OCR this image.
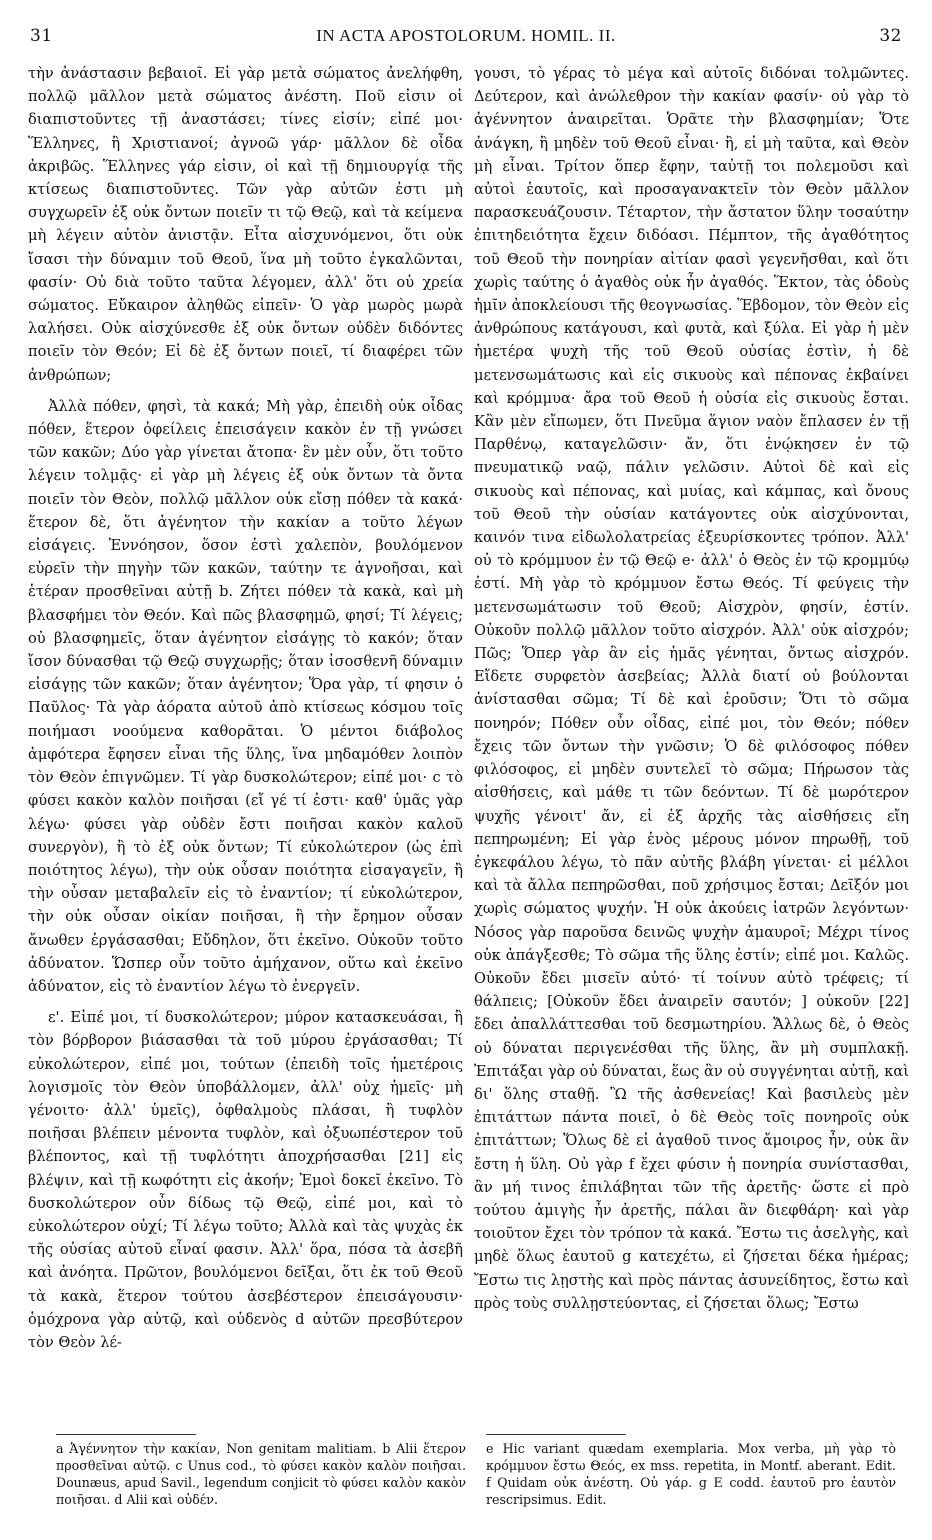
31	IN ACTA APOSTOLORUM. HOMIL. II.	32

τὴν ἀνάστασιν βεβαιοῖ. Εἰ γὰρ μετὰ σώματος ἀνελήφθη, πολλῷ μᾶλλον μετὰ σώματος ἀνέστη. Ποῦ εἰσιν οἱ διαπιστοῦντες τῇ ἀναστάσει; τίνες εἰσίν; εἰπέ μοι· Ἕλληνες, ἢ Χριστιανοί; ἀγνοῶ γάρ· μᾶλλον δὲ οἶδα ἀκριβῶς. Ἕλληνες γάρ εἰσιν, οἱ καὶ τῇ δημιουργίᾳ τῆς κτίσεως διαπιστοῦντες. Τῶν γὰρ αὐτῶν ἐστι μὴ συγχωρεῖν ἐξ οὐκ ὄντων ποιεῖν τι τῷ Θεῷ, καὶ τὰ κείμενα μὴ λέγειν αὐτὸν ἀνιστᾷν. Εἶτα αἰσχυνόμενοι, ὅτι οὐκ ἴσασι τὴν δύναμιν τοῦ Θεοῦ, ἵνα μὴ τοῦτο ἐγκαλῶνται, φασίν· Οὐ διὰ τοῦτο ταῦτα λέγομεν, ἀλλ' ὅτι οὐ χρεία σώματος. Εὔκαιρον ἀληθῶς εἰπεῖν· Ὁ γὰρ μωρὸς μωρὰ λαλήσει. Οὐκ αἰσχύνεσθε ἐξ οὐκ ὄντων οὐδὲν διδόντες ποιεῖν τὸν Θεόν; Εἰ δὲ ἐξ ὄντων ποιεῖ, τί διαφέρει τῶν ἀνθρώπων;

Ἀλλὰ πόθεν, φησὶ, τὰ κακά; Μὴ γὰρ, ἐπειδὴ οὐκ οἶδας πόθεν, ἕτερον ὀφείλεις ἐπεισάγειν κακὸν ἐν τῇ γνώσει τῶν κακῶν; Δύο γὰρ γίνεται ἄτοπα· ἓν μὲν οὖν, ὅτι τοῦτο λέγειν τολμᾷς· εἰ γὰρ μὴ λέγεις ἐξ οὐκ ὄντων τὰ ὄντα ποιεῖν τὸν Θεὸν, πολλῷ μᾶλλον οὐκ εἴσῃ πόθεν τὰ κακά· ἕτερον δὲ, ὅτι ἀγένητον τὴν κακίαν a τοῦτο λέγων εἰσάγεις. Ἐννόησον, ὅσον ἐστὶ χαλεπὸν, βουλόμενον εὑρεῖν τὴν πηγὴν τῶν κακῶν, ταύτην τε ἀγνοῆσαι, καὶ ἑτέραν προσθεῖναι αὐτῇ b. Ζήτει πόθεν τὰ κακὰ, καὶ μὴ βλασφήμει τὸν Θεόν. Καὶ πῶς βλασφημῶ, φησί; Τί λέγεις; οὐ βλασφημεῖς, ὅταν ἀγένητον εἰσάγῃς τὸ κακόν; ὅταν ἴσον δύνασθαι τῷ Θεῷ συγχωρῇς; ὅταν ἰσοσθενῆ δύναμιν εἰσάγῃς τῶν κακῶν; ὅταν ἀγένητον; Ὅρα γὰρ, τί φησιν ὁ Παῦλος· Τὰ γὰρ ἀόρατα αὐτοῦ ἀπὸ κτίσεως κόσμου τοῖς ποιήμασι νοούμενα καθορᾶται. Ὁ μέντοι διάβολος ἀμφότερα ἔφησεν εἶναι τῆς ὕλης, ἵνα μηδαμόθεν λοιπὸν τὸν Θεὸν ἐπιγνῶμεν. Τί γὰρ δυσκολώτερον; εἰπέ μοι· c τὸ φύσει κακὸν καλὸν ποιῆσαι (εἴ γέ τί ἐστι· καθ' ὑμᾶς γὰρ λέγω· φύσει γὰρ οὐδὲν ἔστι ποιῆσαι κακὸν καλοῦ συνεργὸν), ἢ τὸ ἐξ οὐκ ὄντων; Τί εὐκολώτερον (ὡς ἐπὶ ποιότητος λέγω), τὴν οὐκ οὖσαν ποιότητα εἰσαγαγεῖν, ἢ τὴν οὖσαν μεταβαλεῖν εἰς τὸ ἐναντίον; τί εὐκολώτερον, τὴν οὐκ οὖσαν οἰκίαν ποιῆσαι, ἢ τὴν ἔρημον οὖσαν ἄνωθεν ἐργάσασθαι; Εὔδηλον, ὅτι ἐκεῖνο. Οὐκοῦν τοῦτο ἀδύνατον. Ὥσπερ οὖν τοῦτο ἀμήχανον, οὕτω καὶ ἐκεῖνο ἀδύνατον, εἰς τὸ ἐναντίον λέγω τὸ ἐνεργεῖν.

ε'. Εἰπέ μοι, τί δυσκολώτερον; μύρον κατασκευάσαι, ἢ τὸν βόρβορον βιάσασθαι τὰ τοῦ μύρου ἐργάσασθαι; Τί εὐκολώτερον, εἰπέ μοι, τούτων (ἐπειδὴ τοῖς ἡμετέροις λογισμοῖς τὸν Θεὸν ὑποβάλλομεν, ἀλλ' οὐχ ἡμεῖς· μὴ γένοιτο· ἀλλ' ὑμεῖς), ὀφθαλμοὺς πλάσαι, ἢ τυφλὸν ποιῆσαι βλέπειν μένοντα τυφλὸν, καὶ ὀξυωπέστερον τοῦ βλέποντος, καὶ τῇ τυφλότητι ἀποχρήσασθαι [21] εἰς βλέψιν, καὶ τῇ κωφότητι εἰς ἀκοήν; Ἐμοὶ δοκεῖ ἐκεῖνο. Τὸ δυσκολώτερον οὖν δίδως τῷ Θεῷ, εἰπέ μοι, καὶ τὸ εὐκολώτερον οὐχί; Τί λέγω τοῦτο; Ἀλλὰ καὶ τὰς ψυχὰς ἐκ τῆς οὐσίας αὐτοῦ εἶναί φασιν. Ἀλλ' ὅρα, πόσα τὰ ἀσεβῆ καὶ ἀνόητα. Πρῶτον, βουλόμενοι δεῖξαι, ὅτι ἐκ τοῦ Θεοῦ τὰ κακὰ, ἕτερον τούτου ἀσεβέστερον ἐπεισάγουσιν· ὁμόχρονα γὰρ αὐτῷ, καὶ οὐδενὸς d αὐτῶν πρεσβύτερον τὸν Θεὸν λέ-

γουσι, τὸ γέρας τὸ μέγα καὶ αὐτοῖς διδόναι τολμῶντες. Δεύτερον, καὶ ἀνώλεθρον τὴν κακίαν φασίν· οὐ γὰρ τὸ ἀγέννητον ἀναιρεῖται. Ὁρᾶτε τὴν βλασφημίαν; Ὅτε ἀνάγκη, ἢ μηδὲν τοῦ Θεοῦ εἶναι· ἢ, εἰ μὴ ταῦτα, καὶ Θεὸν μὴ εἶναι. Τρίτον ὅπερ ἔφην, ταὐτῇ τοι πολεμοῦσι καὶ αὐτοὶ ἑαυτοῖς, καὶ προσαγανακτεῖν τὸν Θεὸν μᾶλλον παρασκευάζουσιν. Τέταρτον, τὴν ἄστατον ὕλην τοσαύτην ἐπιτηδειότητα ἔχειν διδόασι. Πέμπτον, τῆς ἀγαθότητος τοῦ Θεοῦ τὴν πονηρίαν αἰτίαν φασὶ γεγενῆσθαι, καὶ ὅτι χωρὶς ταύτης ὁ ἀγαθὸς οὐκ ἦν ἀγαθός. Ἕκτον, τὰς ὁδοὺς ἡμῖν ἀποκλείουσι τῆς θεογνωσίας. Ἕβδομον, τὸν Θεὸν εἰς ἀνθρώπους κατάγουσι, καὶ φυτὰ, καὶ ξύλα. Εἰ γὰρ ἡ μὲν ἡμετέρα ψυχὴ τῆς τοῦ Θεοῦ οὐσίας ἐστὶν, ἡ δὲ μετενσωμάτωσις καὶ εἰς σικυοὺς καὶ πέπονας ἐκβαίνει καὶ κρόμμυα· ἄρα τοῦ Θεοῦ ἡ οὐσία εἰς σικυοὺς ἔσται. Κἂν μὲν εἴπωμεν, ὅτι Πνεῦμα ἅγιον ναὸν ἔπλασεν ἐν τῇ Παρθένῳ, καταγελῶσιν· ἄν, ὅτι ἐνῴκησεν ἐν τῷ πνευματικῷ ναῷ, πάλιν γελῶσιν. Αὐτοὶ δὲ καὶ εἰς σικυοὺς καὶ πέπονας, καὶ μυίας, καὶ κάμπας, καὶ ὄνους τοῦ Θεοῦ τὴν οὐσίαν κατάγοντες οὐκ αἰσχύνονται, καινόν τινα εἰδωλολατρείας ἐξευρίσκοντες τρόπον. Ἀλλ' οὐ τὸ κρόμμυον ἐν τῷ Θεῷ e· ἀλλ' ὁ Θεὸς ἐν τῷ κρομμύῳ ἐστί. Μὴ γὰρ τὸ κρόμμυον ἔστω Θεός. Τί φεύγεις τὴν μετενσωμάτωσιν τοῦ Θεοῦ; Αἰσχρὸν, φησίν, ἐστίν. Οὐκοῦν πολλῷ μᾶλλον τοῦτο αἰσχρόν. Ἀλλ' οὐκ αἰσχρόν; Πῶς; Ὅπερ γὰρ ἂν εἰς ἡμᾶς γένηται, ὄντως αἰσχρόν. Εἴδετε συρφετὸν ἀσεβείας; Ἀλλὰ διατί οὐ βούλονται ἀνίστασθαι σῶμα; Τί δὲ καὶ ἐροῦσιν; Ὅτι τὸ σῶμα πονηρόν; Πόθεν οὖν οἶδας, εἰπέ μοι, τὸν Θεόν; πόθεν ἔχεις τῶν ὄντων τὴν γνῶσιν; Ὁ δὲ φιλόσοφος πόθεν φιλόσοφος, εἰ μηδὲν συντελεῖ τὸ σῶμα; Πήρωσον τὰς αἰσθήσεις, καὶ μάθε τι τῶν δεόντων. Τί δὲ μωρότερον ψυχῆς γένοιτ' ἄν, εἰ ἐξ ἀρχῆς τὰς αἰσθήσεις εἴη πεπηρωμένη; Εἰ γὰρ ἑνὸς μέρους μόνον πηρωθῇ, τοῦ ἐγκεφάλου λέγω, τὸ πᾶν αὐτῆς βλάβη γίνεται· εἰ μέλλοι καὶ τὰ ἄλλα πεπηρῶσθαι, ποῦ χρήσιμος ἔσται; Δεῖξόν μοι χωρὶς σώματος ψυχήν. Ἡ οὐκ ἀκούεις ἰατρῶν λεγόντων· Νόσος γὰρ παροῦσα δεινῶς ψυχὴν ἀμαυροῖ; Μέχρι τίνος οὐκ ἀπάγξεσθε; Τὸ σῶμα τῆς ὕλης ἐστίν; εἰπέ μοι. Καλῶς. Οὐκοῦν ἔδει μισεῖν αὐτό· τί τοίνυν αὐτὸ τρέφεις; τί θάλπεις; [Οὐκοῦν ἔδει ἀναιρεῖν σαυτόν; ] οὐκοῦν [22] ἔδει ἀπαλλάττεσθαι τοῦ δεσμωτηρίου. Ἄλλως δὲ, ὁ Θεὸς οὐ δύναται περιγενέσθαι τῆς ὕλης, ἂν μὴ συμπλακῇ. Ἐπιτάξαι γὰρ οὐ δύναται, ἕως ἂν οὐ συγγένηται αὐτῇ, καὶ δι' ὅλης σταθῇ. Ὢ τῆς ἀσθενείας! Καὶ βασιλεὺς μὲν ἐπιτάττων πάντα ποιεῖ, ὁ δὲ Θεὸς τοῖς πονηροῖς οὐκ ἐπιτάττων; Ὅλως δὲ εἰ ἀγαθοῦ τινος ἄμοιρος ἦν, οὐκ ἂν ἔστη ἡ ὕλη. Οὐ γὰρ f ἔχει φύσιν ἡ πονηρία συνίστασθαι, ἂν μή τινος ἐπιλάβηται τῶν τῆς ἀρετῆς· ὥστε εἰ πρὸ τούτου ἀμιγὴς ἦν ἀρετῆς, πάλαι ἂν διεφθάρη· καὶ γὰρ τοιοῦτον ἔχει τὸν τρόπον τὰ κακά. Ἔστω τις ἀσελγὴς, καὶ μηδὲ ὅλως ἑαυτοῦ g κατεχέτω, εἰ ζήσεται δέκα ἡμέρας; Ἔστω τις λῃστὴς καὶ πρὸς πάντας ἀσυνείδητος, ἔστω καὶ πρὸς τοὺς συλλῃστεύοντας, εἰ ζήσεται ὅλως; Ἔστω

a Ἀγέννητον τὴν κακίαν, Non genitam malitiam. b Alii ἕτερον προσθεῖναι αὐτῷ. c Unus cod., τὸ φύσει κακὸν καλὸν ποιῆσαι. Dounæus, apud Savil., legendum conjicit τὸ φύσει καλὸν κακὸν ποιῆσαι. d Alii καὶ οὐδέν.
e Hic variant quædam exemplaria. Mox verba, μὴ γὰρ τὸ κρόμμυον ἔστω Θεός, ex mss. repetita, in Montf. aberant. Edit. f Quidam οὐκ ἀνέστη. Οὐ γάρ. g E codd. ἑαυτοῦ pro ἑαυτὸν rescripsimus. Edit.
